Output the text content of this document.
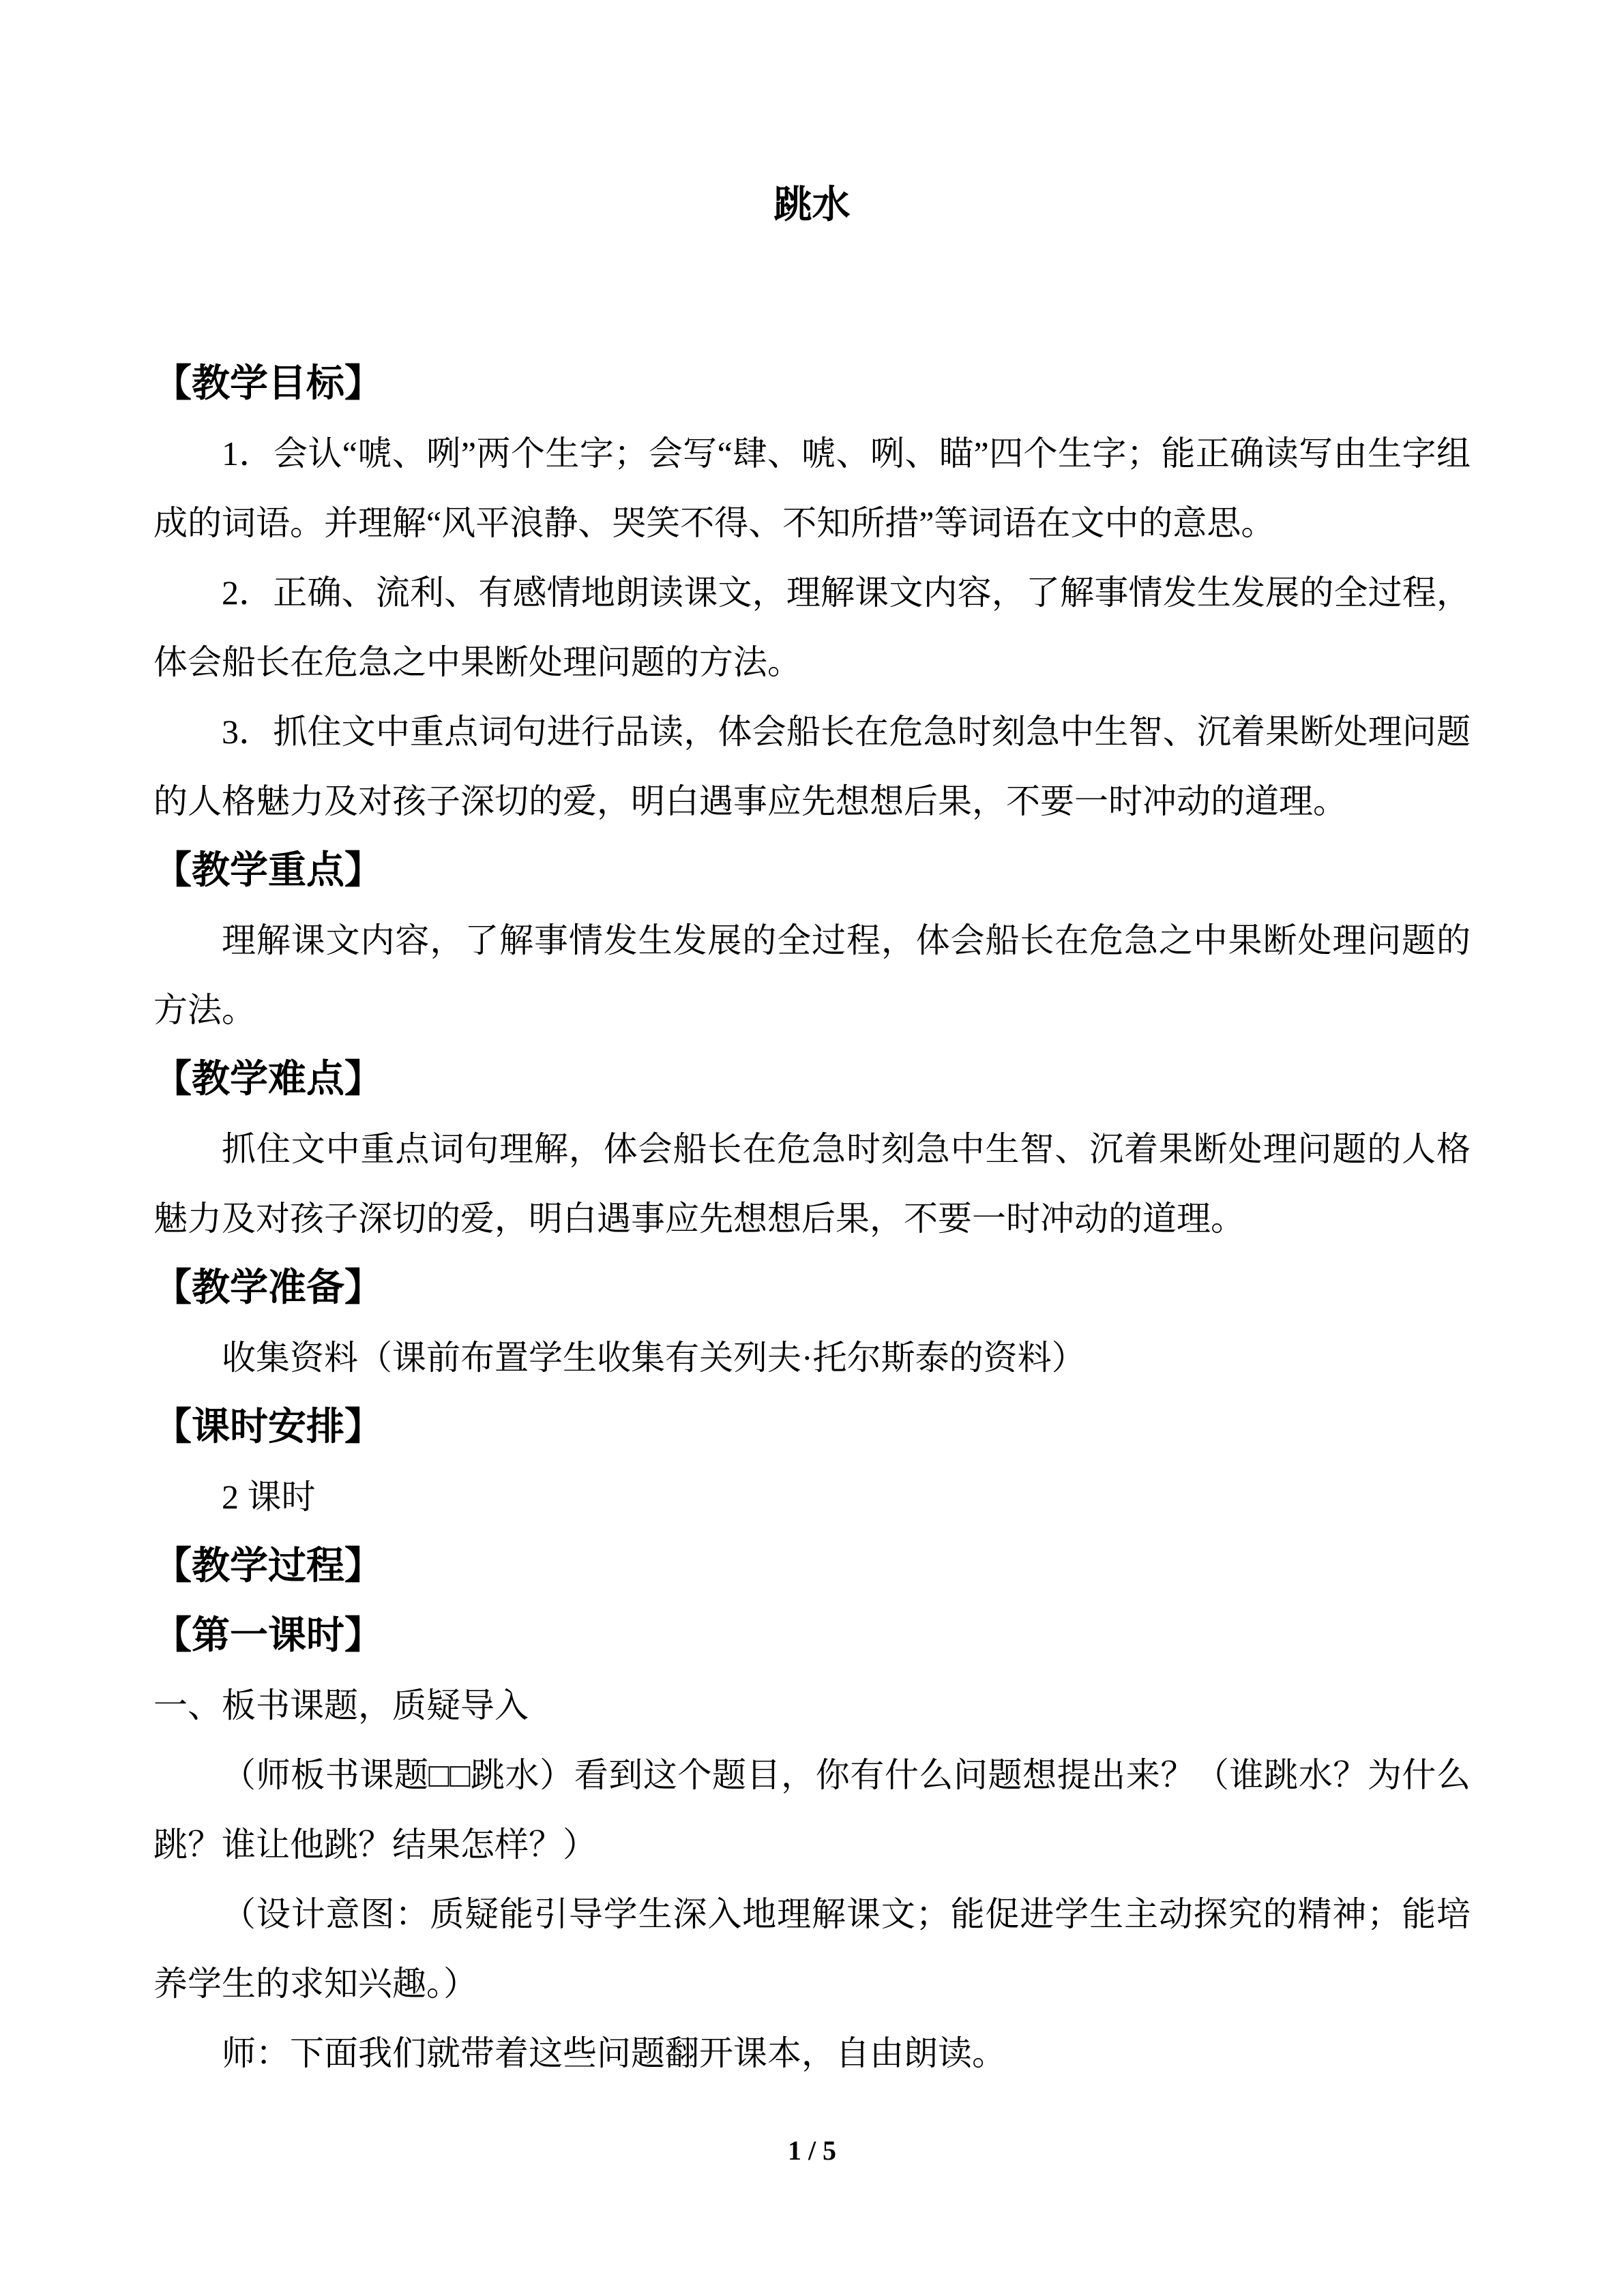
跳水
【教学目标】

1．会认“唬、咧”两个生字；会写“肆、唬、咧、瞄”四个生字；能正确读写由生字组成的词语。并理解“风平浪静、哭笑不得、不知所措”等词语在文中的意思。

2．正确、流利、有感情地朗读课文，理解课文内容，了解事情发生发展的全过程，体会船长在危急之中果断处理问题的方法。

3．抓住文中重点词句进行品读，体会船长在危急时刻急中生智、沉着果断处理问题的人格魅力及对孩子深切的爱，明白遇事应先想想后果，不要一时冲动的道理。

【教学重点】

理解课文内容，了解事情发生发展的全过程，体会船长在危急之中果断处理问题的方法。

【教学难点】

抓住文中重点词句理解，体会船长在危急时刻急中生智、沉着果断处理问题的人格魅力及对孩子深切的爱，明白遇事应先想想后果，不要一时冲动的道理。

【教学准备】

收集资料（课前布置学生收集有关列夫·托尔斯泰的资料）

【课时安排】

2 课时

【教学过程】
【第一课时】

一、板书课题，质疑导入

（师板书课题□□跳水）看到这个题目，你有什么问题想提出来？（谁跳水？为什么跳？谁让他跳？结果怎样？）

（设计意图：质疑能引导学生深入地理解课文；能促进学生主动探究的精神；能培养学生的求知兴趣。）

师：下面我们就带着这些问题翻开课本，自由朗读。

1 / 5
